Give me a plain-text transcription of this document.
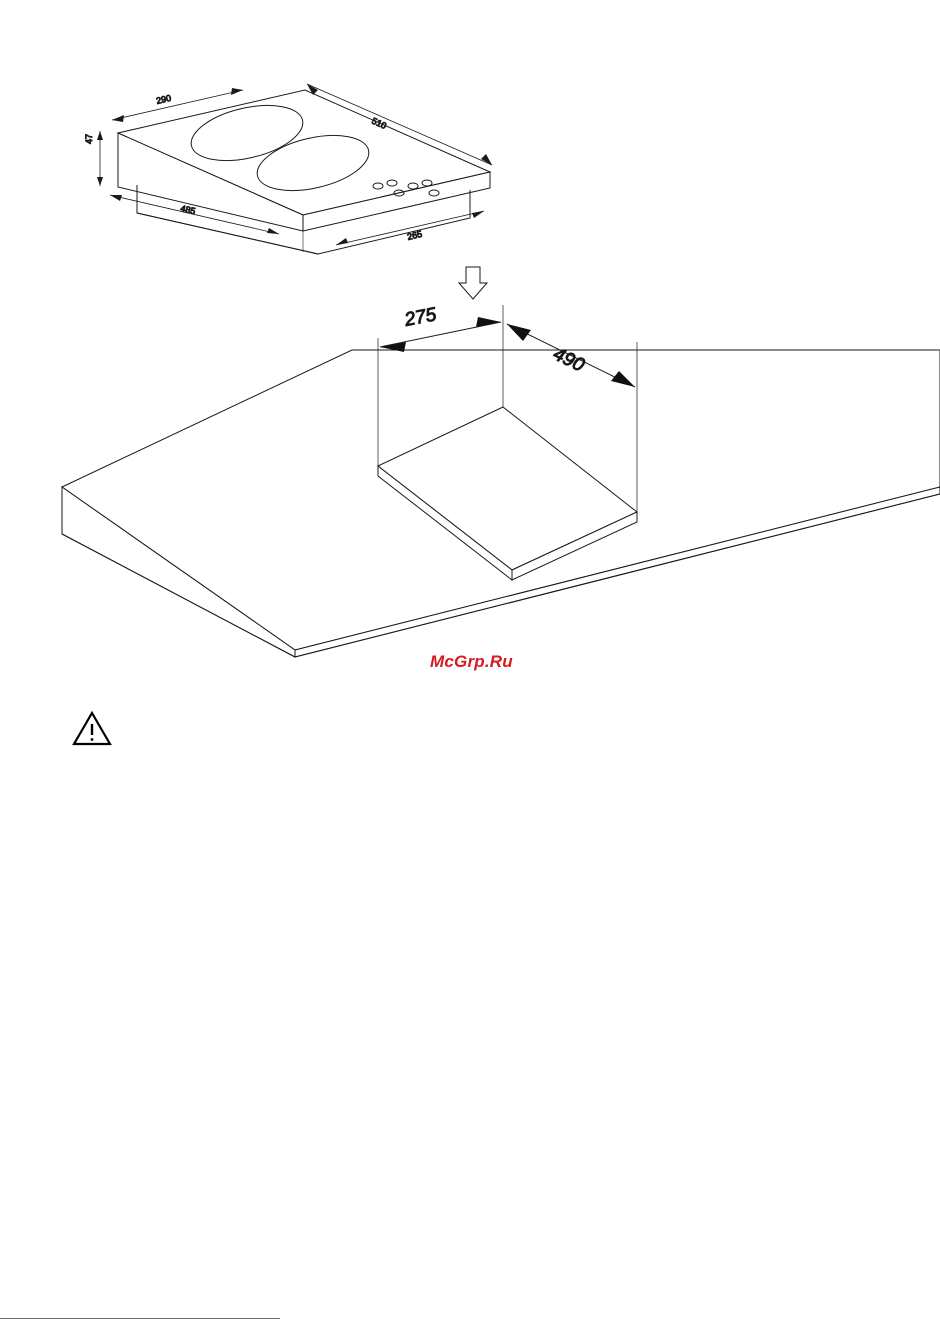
290
510
47
485
265
275
490
McGrp.Ru
